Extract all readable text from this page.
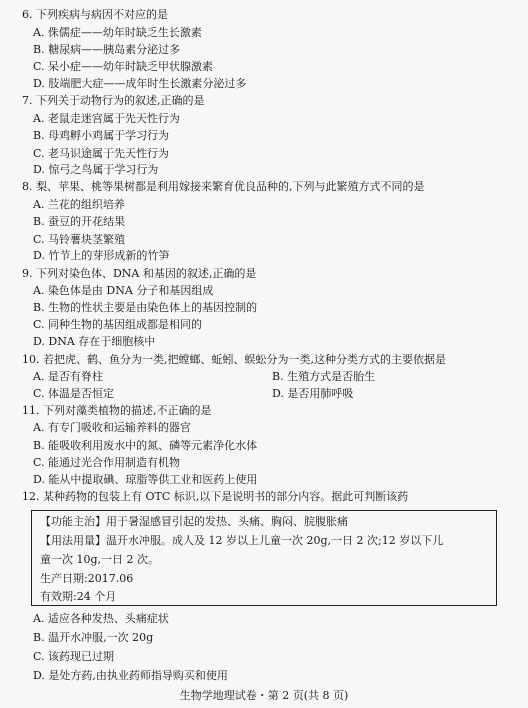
6. 下列疾病与病因不对应的是
A. 侏儒症——幼年时缺乏生长激素
B. 糖尿病——胰岛素分泌过多
C. 呆小症——幼年时缺乏甲状腺激素
D. 肢端肥大症——成年时生长激素分泌过多
7. 下列关于动物行为的叙述,正确的是
A. 老鼠走迷宫属于先天性行为
B. 母鸡孵小鸡属于学习行为
C. 老马识途属于先天性行为
D. 惊弓之鸟属于学习行为
8. 梨、苹果、桃等果树都是利用嫁接来繁育优良品种的,下列与此繁殖方式不同的是
A. 兰花的组织培养
B. 蚕豆的开花结果
C. 马铃薯块茎繁殖
D. 竹节上的芽形成新的竹笋
9. 下列对染色体、DNA 和基因的叙述,正确的是
A. 染色体是由 DNA 分子和基因组成
B. 生物的性状主要是由染色体上的基因控制的
C. 同种生物的基因组成都是相同的
D. DNA 存在于细胞核中
10. 若把虎、鹤、鱼分为一类,把螳螂、蚯蚓、蜈蚣分为一类,这种分类方式的主要依据是
A. 是否有脊柱	B. 生殖方式是否胎生
C. 体温是否恒定	D. 是否用肺呼吸
11. 下列对藻类植物的描述,不正确的是
A. 有专门吸收和运输养料的器官
B. 能吸收利用废水中的氮、磷等元素净化水体
【功能主治】用于暑湿感冒引起的发热、头痛、胸闷、脘腹胀痛
【用法用量】温开水冲服。成人及 12 岁以上儿童一次 20g,一日 2 次;12 岁以下儿
童一次 10g,一日 2 次。
生产日期:2017.06
有效期:24 个月
A. 适应各种发热、头痛症状
B. 温开水冲服,一次 20g
C. 该药现已过期
D. 是处方药,由执业药师指导购买和使用
生物学地理试卷・第 2 页(共 8 页)
C. 能通过光合作用制造有机物
D. 能从中提取碘、琼脂等供工业和医药上使用
12. 某种药物的包装上有 OTC 标识,以下是说明书的部分内容。据此可判断该药
